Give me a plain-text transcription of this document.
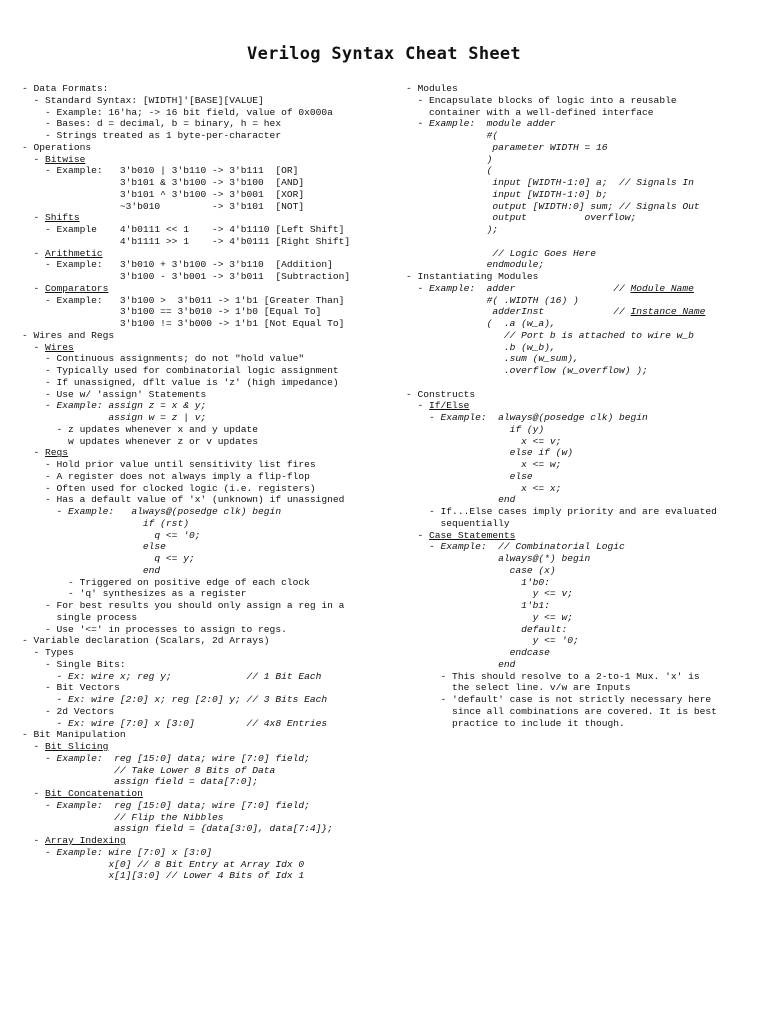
Verilog Syntax Cheat Sheet
- Data Formats:
- Standard Syntax: [WIDTH]'[BASE][VALUE]
- Example: 16'ha; -> 16 bit field, value of 0x000a
- Bases: d = decimal, b = binary, h = hex
- Strings treated as 1 byte-per-character
- Operations
- Bitwise
- Example:   3'b010 | 3'b110 -> 3'b111  [OR]
3'b101 & 3'b100 -> 3'b100  [AND]
3'b101 ^ 3'b100 -> 3'b001  [XOR]
~3'b010         -> 3'b101  [NOT]
- Shifts
- Example    4'b0111 << 1    -> 4'b1110 [Left Shift]
4'b1111 >> 1    -> 4'b0111 [Right Shift]
- Arithmetic
- Example:   3'b010 + 3'b100 -> 3'b110  [Addition]
3'b100 - 3'b001 -> 3'b011  [Subtraction]
- Comparators
- Example:   3'b100 >  3'b011 -> 1'b1 [Greater Than]
3'b100 == 3'b010 -> 1'b0 [Equal To]
3'b100 != 3'b000 -> 1'b1 [Not Equal To]
- Wires and Regs
- Wires
- Continuous assignments; do not "hold value"
- Typically used for combinatorial logic assignment
- If unassigned, dflt value is 'z' (high impedance)
- Use w/ 'assign' Statements
- Example: assign z = x & y;
assign w = z | v;
- z updates whenever x and y update
w updates whenever z or v updates
- Regs
- Hold prior value until sensitivity list fires
- A register does not always imply a flip-flop
- Often used for clocked logic (i.e. registers)
- Has a default value of 'x' (unknown) if unassigned
- Example:   always@(posedge clk) begin
if (rst)
q <= '0;
else
q <= y;
end
- Triggered on positive edge of each clock
- 'q' synthesizes as a register
- For best results you should only assign a reg in a
single process
- Use '<=' in processes to assign to regs.
- Variable declaration (Scalars, 2d Arrays)
- Types
- Single Bits:
- Ex: wire x; reg y;             // 1 Bit Each
- Bit Vectors
- Ex: wire [2:0] x; reg [2:0] y; // 3 Bits Each
- 2d Vectors
- Ex: wire [7:0] x [3:0]         // 4x8 Entries
- Bit Manipulation
- Bit Slicing
- Example:  reg [15:0] data; wire [7:0] field;
// Take Lower 8 Bits of Data
assign field = data[7:0];
- Bit Concatenation
- Example:  reg [15:0] data; wire [7:0] field;
// Flip the Nibbles
assign field = {data[3:0], data[7:4]};
- Array Indexing
- Example: wire [7:0] x [3:0]
x[0] // 8 Bit Entry at Array Idx 0
x[1][3:0] // Lower 4 Bits of Idx 1
- Modules
- Encapsulate blocks of logic into a reusable
container with a well-defined interface
- Example:  module adder
#(
parameter WIDTH = 16
)
(
input [WIDTH-1:0] a;  // Signals In
input [WIDTH-1:0] b;
output [WIDTH:0] sum; // Signals Out
output          overflow;
);
// Logic Goes Here
endmodule;
- Instantiating Modules
- Example:  adder                 // Module Name
#( .WIDTH (16) )
adderInst            // Instance Name
(  .a (w_a),
// Port b is attached to wire w_b
.b (w_b),
.sum (w_sum),
.overflow (w_overflow) );
- Constructs
- If/Else
- Example:  always@(posedge clk) begin
if (y)
x <= v;
else if (w)
x <= w;
else
x <= x;
end
- If...Else cases imply priority and are evaluated
sequentially
- Case Statements
- Example:  // Combinatorial Logic
always@(*) begin
case (x)
1'b0:
y <= v;
1'b1:
y <= w;
default:
y <= '0;
endcase
end
- This should resolve to a 2-to-1 Mux. 'x' is
the select line. v/w are Inputs
- 'default' case is not strictly necessary here
since all combinations are covered. It is best
practice to include it though.
